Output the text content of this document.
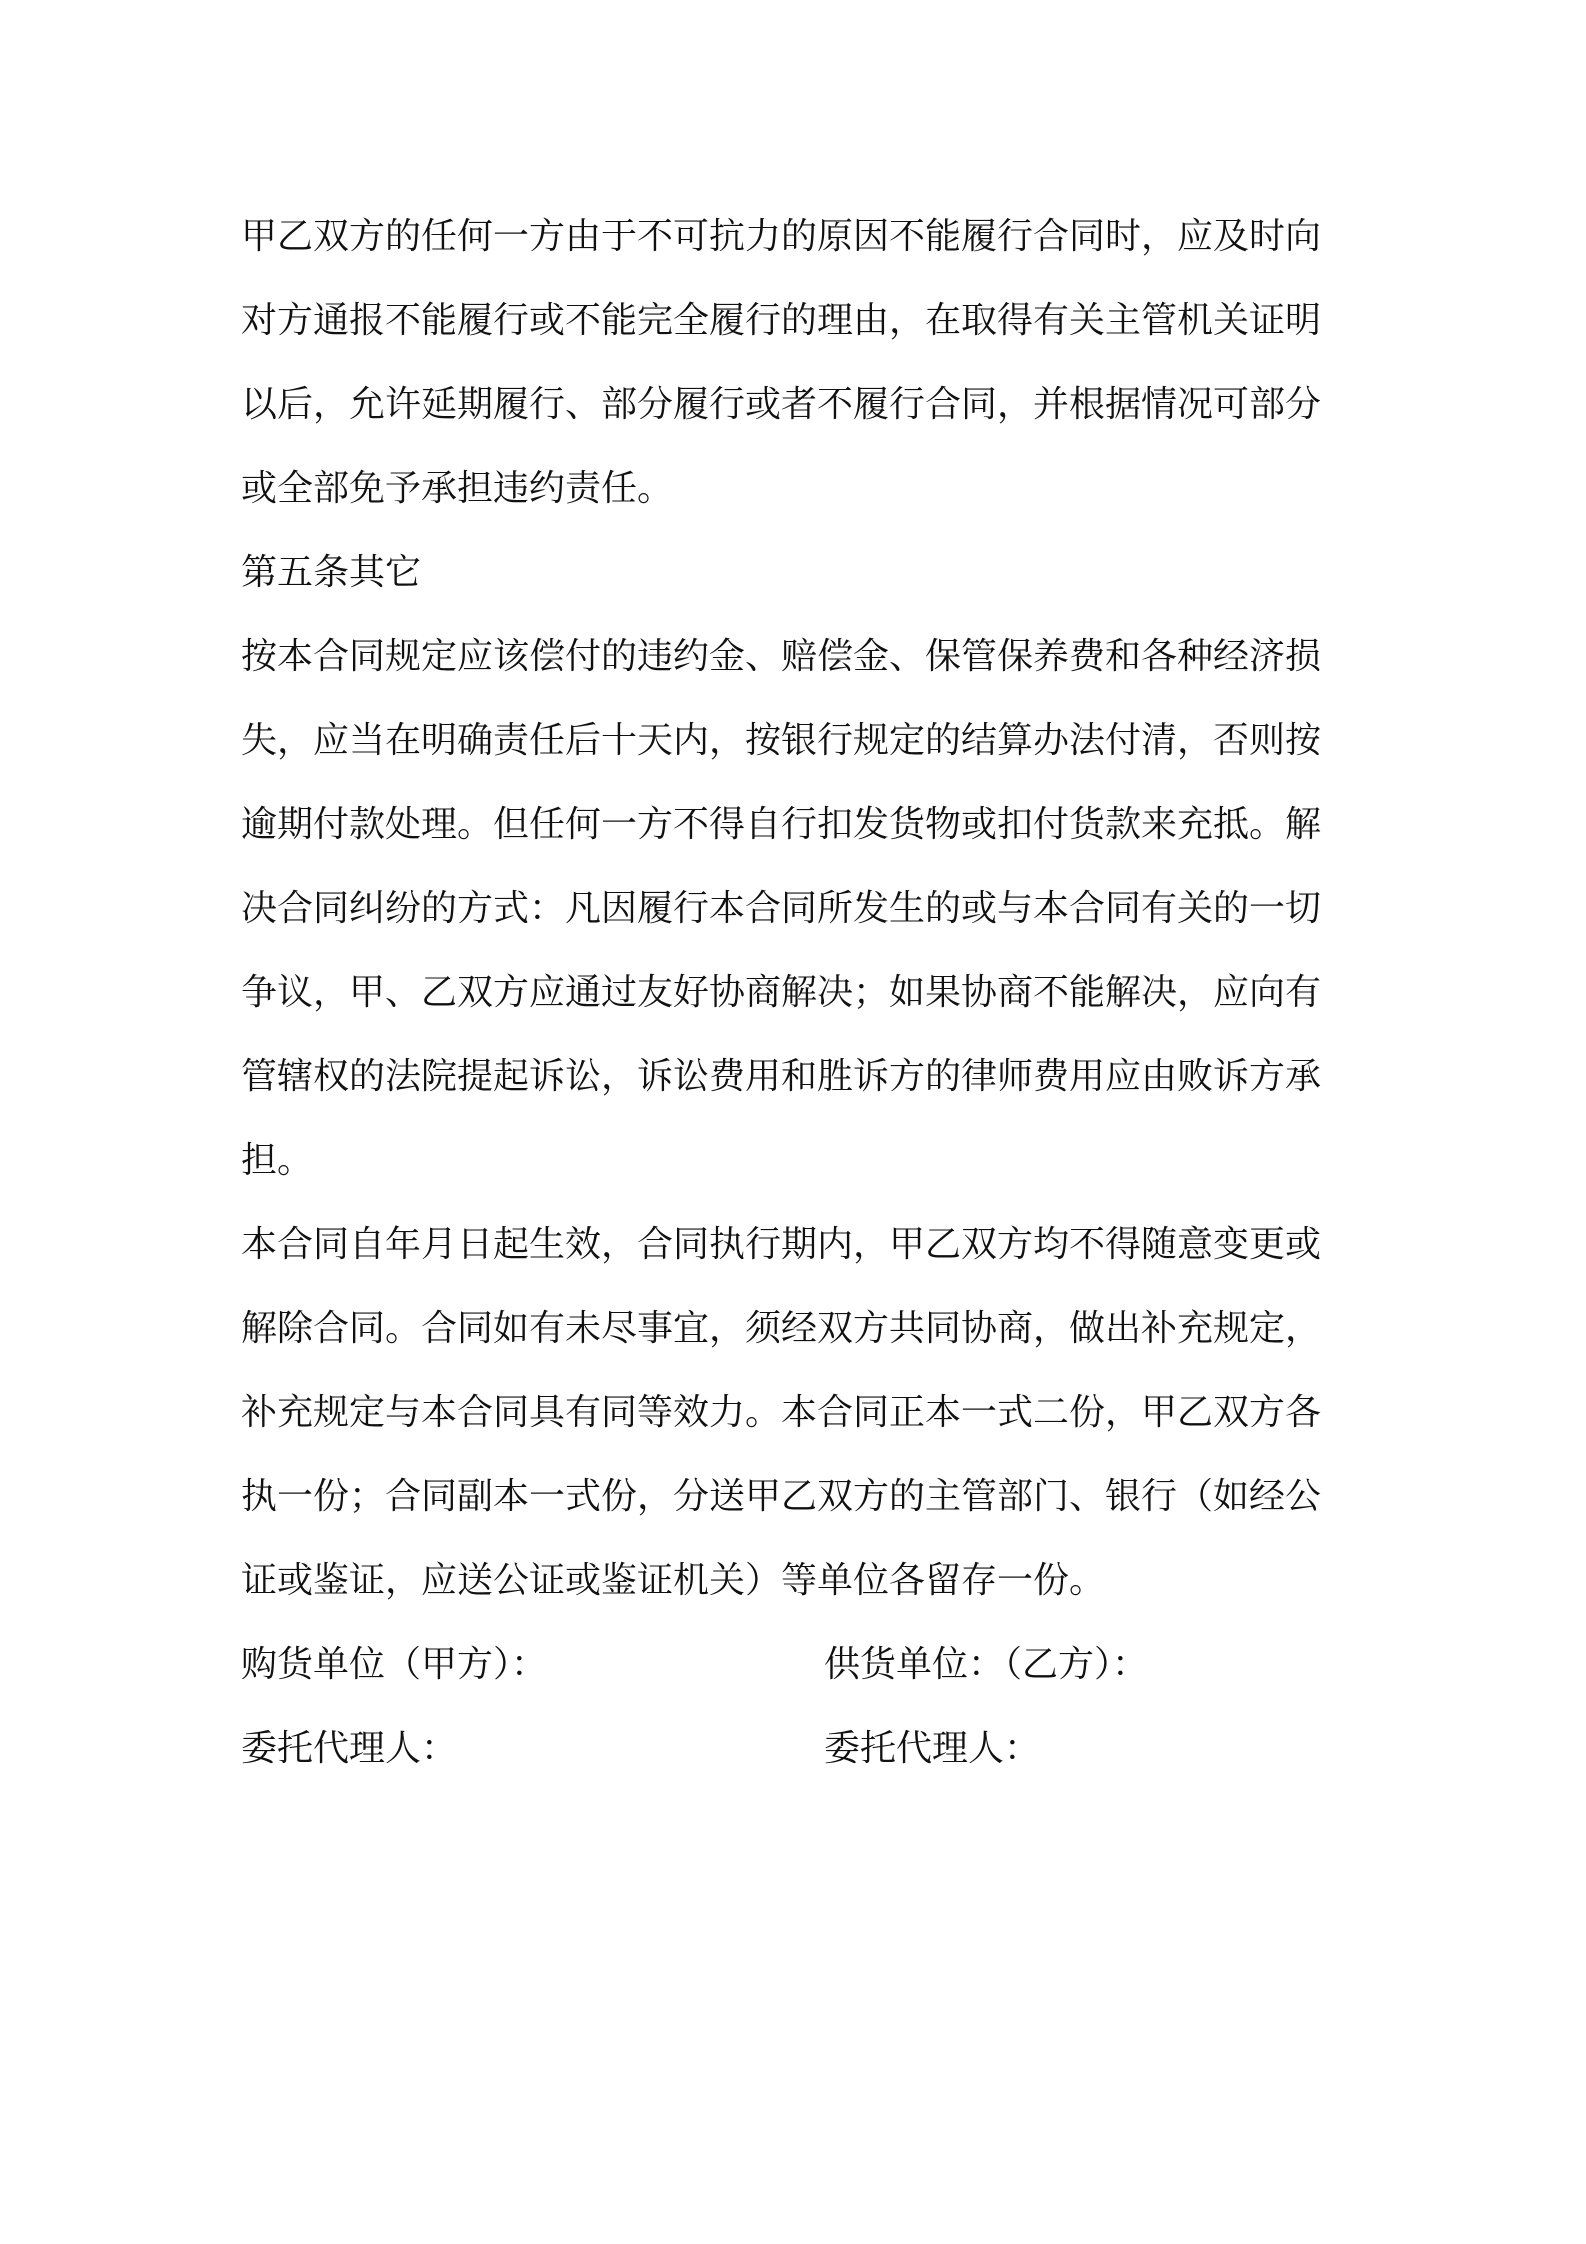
甲乙双方的任何一方由于不可抗力的原因不能履行合同时，应及时向
对方通报不能履行或不能完全履行的理由，在取得有关主管机关证明
以后，允许延期履行、部分履行或者不履行合同，并根据情况可部分
或全部免予承担违约责任。

第五条其它

按本合同规定应该偿付的违约金、赔偿金、保管保养费和各种经济损
失，应当在明确责任后十天内，按银行规定的结算办法付清，否则按
逾期付款处理。但任何一方不得自行扣发货物或扣付货款来充抵。解
决合同纠纷的方式：凡因履行本合同所发生的或与本合同有关的一切
争议，甲、乙双方应通过友好协商解决；如果协商不能解决，应向有
管辖权的法院提起诉讼，诉讼费用和胜诉方的律师费用应由败诉方承
担。

本合同自年月日起生效，合同执行期内，甲乙双方均不得随意变更或
解除合同。合同如有未尽事宜，须经双方共同协商，做出补充规定，
补充规定与本合同具有同等效力。本合同正本一式二份，甲乙双方各
执一份；合同副本一式份，分送甲乙双方的主管部门、银行（如经公
证或鉴证，应送公证或鉴证机关）等单位各留存一份。

购货单位（甲方）：	供货单位：（乙方）：
委托代理人：	委托代理人：
